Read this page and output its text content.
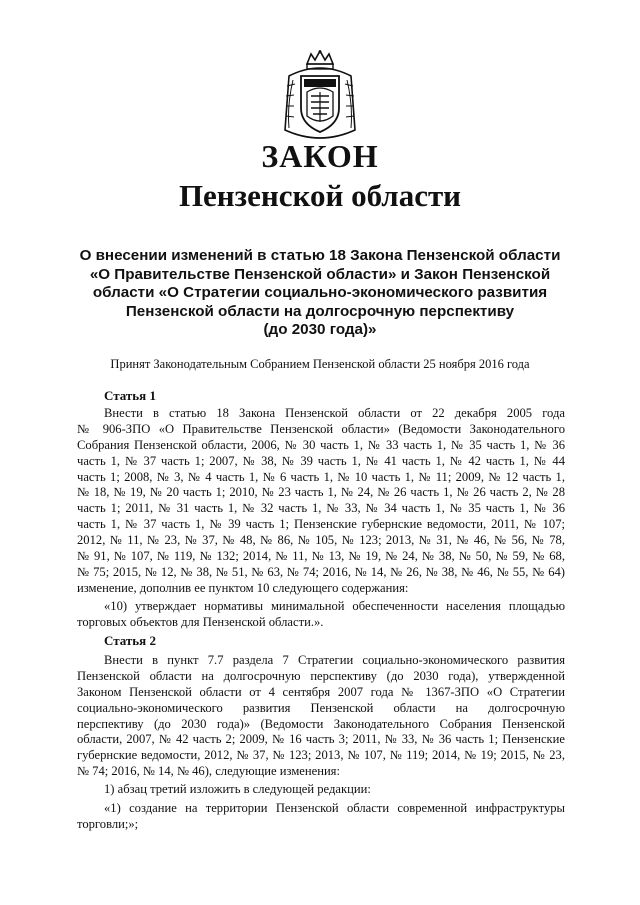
ЗАКОН
Пензенской области
О внесении изменений в статью 18 Закона Пензенской области
«О Правительстве Пензенской области» и Закон Пензенской
области «О Стратегии социально-экономического развития
Пензенской области на долгосрочную перспективу
(до 2030 года)»
Принят Законодательным Собранием Пензенской области 25 ноября 2016 года
Статья 1
Внести в статью 18 Закона Пензенской области от 22 декабря 2005 года
№ 906-ЗПО «О Правительстве Пензенской области» (Ведомости Законодательного
Собрания Пензенской области, 2006, № 30 часть 1, № 33 часть 1, № 35 часть 1, № 36
часть 1, № 37 часть 1; 2007, № 38, № 39 часть 1, № 41 часть 1, № 42 часть 1, № 44
часть 1; 2008, № 3, № 4 часть 1, № 6 часть 1, № 10 часть 1, № 11; 2009, № 12 часть 1,
№ 18, № 19, № 20 часть 1; 2010, № 23 часть 1, № 24, № 26 часть 1, № 26 часть 2, № 28
часть 1; 2011, № 31 часть 1, № 32 часть 1, № 33, № 34 часть 1, № 35 часть 1, № 36
часть 1, № 37 часть 1, № 39 часть 1; Пензенские губернские ведомости, 2011, № 107;
2012, № 11, № 23, № 37, № 48, № 86, № 105, № 123; 2013, № 31, № 46, № 56, № 78,
№ 91, № 107, № 119, № 132; 2014, № 11, № 13, № 19, № 24, № 38, № 50, № 59, № 68,
№ 75; 2015, № 12, № 38, № 51, № 63, № 74; 2016, № 14, № 26, № 38, № 46, № 55, № 64)
изменение, дополнив ее пунктом 10 следующего содержания:
«10) утверждает нормативы минимальной обеспеченности населения площадью
торговых объектов для Пензенской области.».
Статья 2
Внести в пункт 7.7 раздела 7 Стратегии социально-экономического развития
Пензенской области на долгосрочную перспективу (до 2030 года), утвержденной
Законом Пензенской области от 4 сентября 2007 года № 1367-ЗПО «О Стратегии
социально-экономического развития Пензенской области на долгосрочную
перспективу (до 2030 года)» (Ведомости Законодательного Собрания Пензенской
области, 2007, № 42 часть 2; 2009, № 16 часть 3; 2011, № 33, № 36 часть 1; Пензенские
губернские ведомости, 2012, № 37, № 123; 2013, № 107, № 119; 2014, № 19; 2015, № 23,
№ 74; 2016, № 14, № 46), следующие изменения:
1) абзац третий изложить в следующей редакции:
«1) создание на территории Пензенской области современной инфраструктуры
торговли;»;
